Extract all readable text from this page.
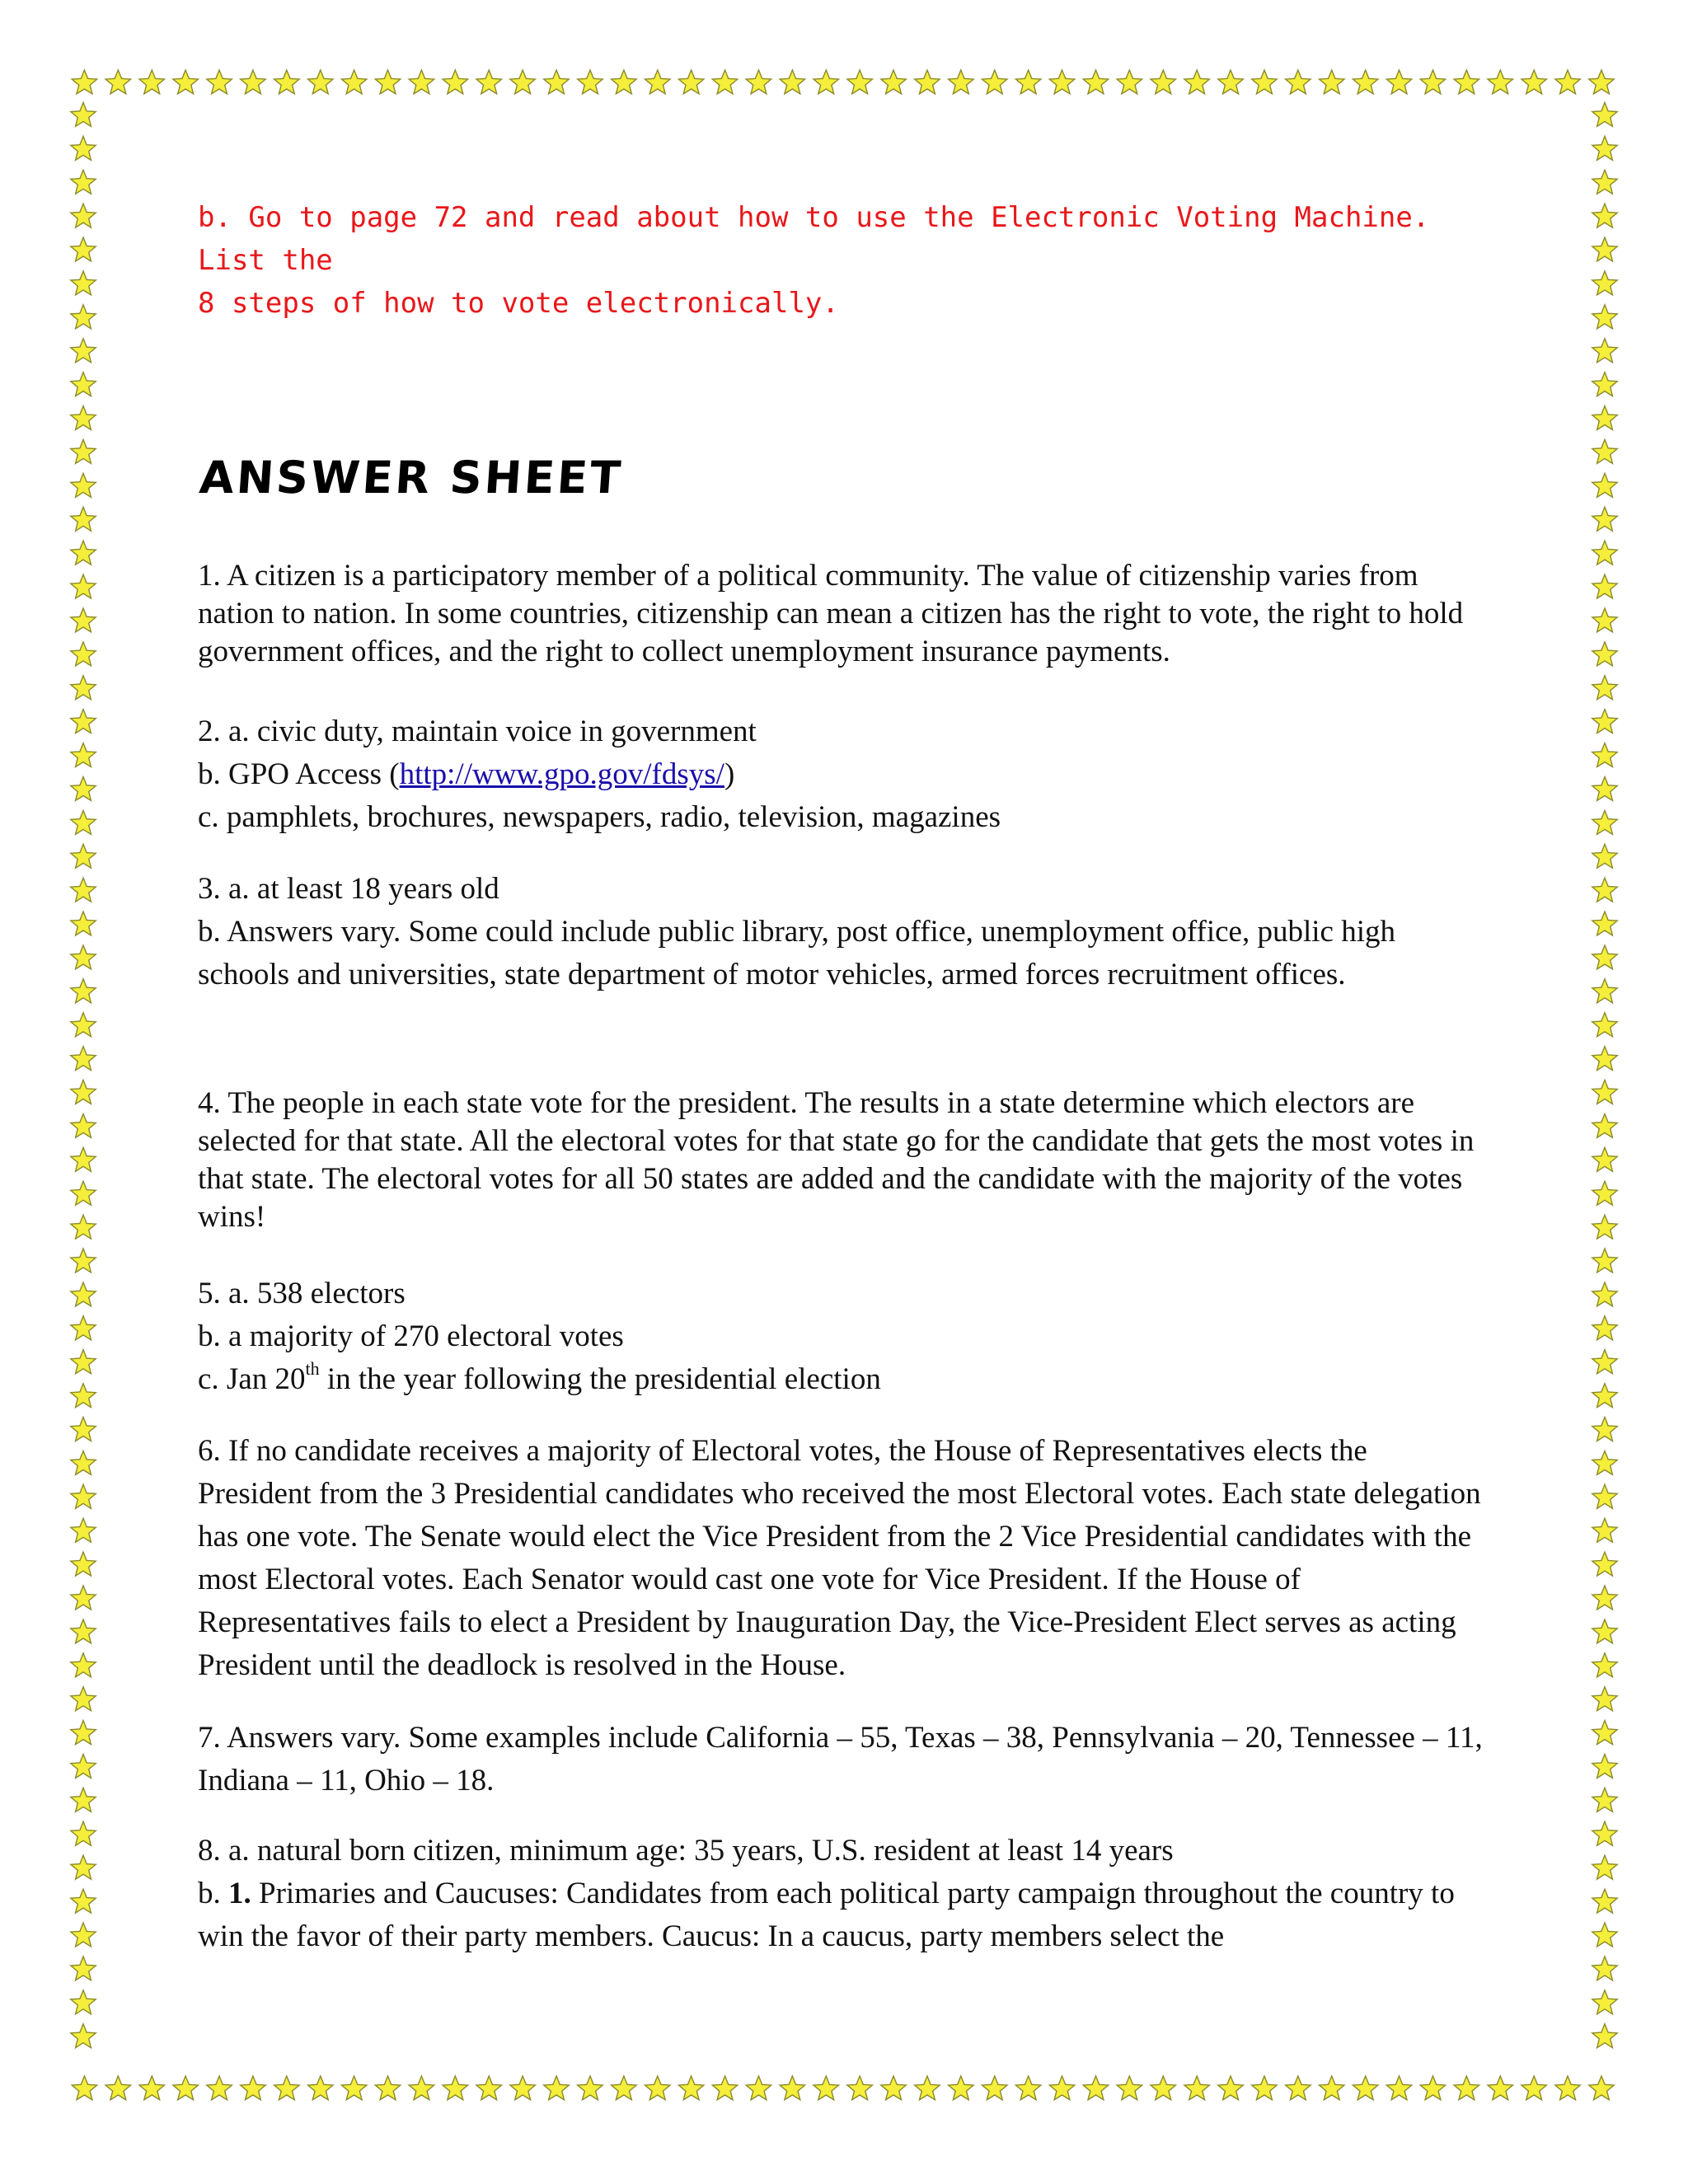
b. Go to page 72 and read about how to use the Electronic Voting Machine. List the
8 steps of how to vote electronically.
ANSWER SHEET

1. A citizen is a participatory member of a political community. The value of citizenship varies from nation to nation. In some countries, citizenship can mean a citizen has the right to vote, the right to hold government offices, and the right to collect unemployment insurance payments.

2. a. civic duty, maintain voice in government

b. GPO Access (http://www.gpo.gov/fdsys/)

c. pamphlets, brochures, newspapers, radio, television, magazines

3. a. at least 18 years old

b. Answers vary. Some could include public library, post office, unemployment office, public high schools and universities, state department of motor vehicles, armed forces recruitment offices.

4. The people in each state vote for the president. The results in a state determine which electors are selected for that state. All the electoral votes for that state go for the candidate that gets the most votes in that state. The electoral votes for all 50 states are added and the candidate with the majority of the votes wins!

5. a. 538 electors

b. a majority of 270 electoral votes

c. Jan 20th in the year following the presidential election

6. If no candidate receives a majority of Electoral votes, the House of Representatives elects the President from the 3 Presidential candidates who received the most Electoral votes. Each state delegation has one vote. The Senate would elect the Vice President from the 2 Vice Presidential candidates with the most Electoral votes. Each Senator would cast one vote for Vice President. If the House of Representatives fails to elect a President by Inauguration Day, the Vice-President Elect serves as acting President until the deadlock is resolved in the House.

7. Answers vary. Some examples include California – 55, Texas – 38, Pennsylvania – 20, Tennessee – 11, Indiana – 11, Ohio – 18.

8. a. natural born citizen, minimum age: 35 years, U.S. resident at least 14 years

b. 1. Primaries and Caucuses: Candidates from each political party campaign throughout the country to win the favor of their party members. Caucus: In a caucus, party members select the
